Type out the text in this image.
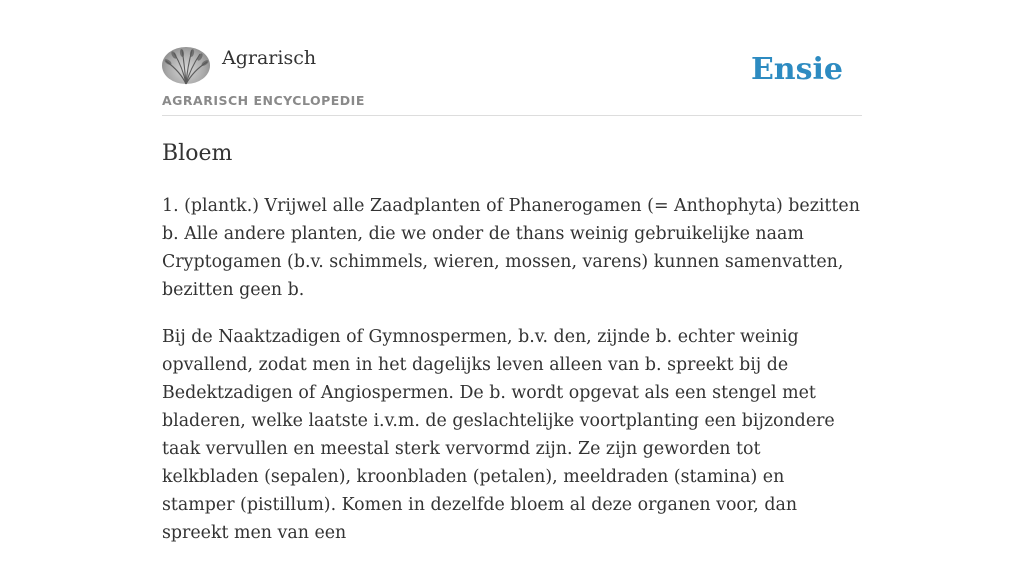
Agrarisch

AGRARISCH ENCYCLOPEDIE
Ensie
Bloem

1. (plantk.) Vrijwel alle Zaadplanten of Phanerogamen (= Anthophyta) bezitten b. Alle andere planten, die we onder de thans weinig gebruikelijke naam Cryptogamen (b.v. schimmels, wieren, mossen, varens) kunnen samenvatten, bezitten geen b.

Bij de Naaktzadigen of Gymnospermen, b.v. den, zijnde b. echter weinig opvallend, zodat men in het dagelijks leven alleen van b. spreekt bij de Bedektzadigen of Angiospermen. De b. wordt opgevat als een stengel met bladeren, welke laatste i.v.m. de geslachtelijke voortplanting een bijzondere taak vervullen en meestal sterk vervormd zijn. Ze zijn geworden tot kelkbladen (sepalen), kroonbladen (petalen), meeldraden (stamina) en stamper (pistillum). Komen in dezelfde bloem al deze organen voor, dan spreekt men van een
